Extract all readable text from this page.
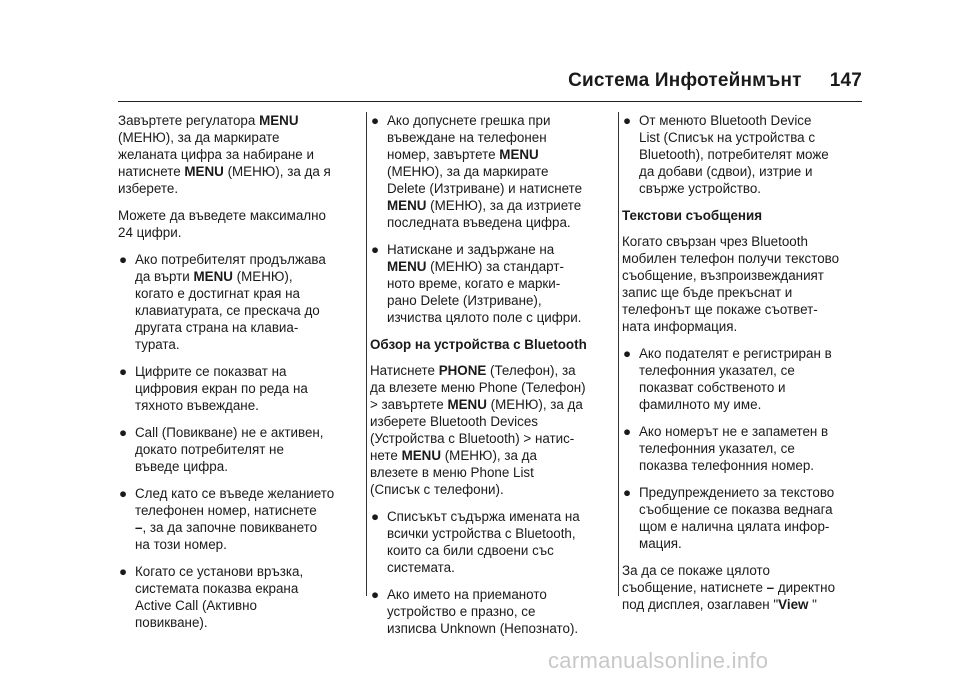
Система Инфотейнмънт 147

Завъртете регулатора MENU
(МЕНЮ), за да маркирате
желаната цифра за набиране и
натиснете MENU (МЕНЮ), за да я
изберете.

Можете да въведете максимално
24 цифри.

● Ако потребителят продължава
да върти MENU (МЕНЮ),
когато е достигнат края на
клавиатурата, се прескача до
другата страна на клавиа-
турата.
● Цифрите се показват на
цифровия екран по реда на
тяхното въвеждане.
● Call (Повикване) не е активен,
докато потребителят не
въведе цифра.
● След като се въведе желанието
телефонен номер, натиснете
–, за да започне повикването
на този номер.
● Когато се установи връзка,
системата показва екрана
Active Call (Активно
повикване).
● Ако допуснете грешка при
въвеждане на телефонен
номер, завъртете MENU
(МЕНЮ), за да маркирате
Delete (Изтриване) и натиснете
MENU (МЕНЮ), за да изтриете
последната въведена цифра.
● Натискане и задържане на
MENU (МЕНЮ) за стандарт-
ното време, когато е марки-
рано Delete (Изтриване),
изчиства цялото поле с цифри.
Обзор на устройства с Bluetooth

Натиснете PHONE (Телефон), за
да влезете меню Phone (Телефон)
> завъртете MENU (МЕНЮ), за да
изберете Bluetooth Devices
(Устройства с Bluetooth) > натис-
нете MENU (МЕНЮ), за да
влезете в меню Phone List
(Списък с телефони).

● Списъкът съдържа имената на
всички устройства с Bluetooth,
които са били сдвоени със
системата.
● Ако името на приеманото
устройство е празно, се
изписва Unknown (Непознато).
● От менюто Bluetooth Device
List (Списък на устройства с
Bluetooth), потребителят може
да добави (сдвои), изтрие и
свърже устройство.
Текстови съобщения

Когато свързан чрез Bluetooth
мобилен телефон получи текстово
съобщение, възпроизвежданият
запис ще бъде прекъснат и
телефонът ще покаже съответ-
ната информация.

● Ако подателят е регистриран в
телефонния указател, се
показват собственото и
фамилното му име.
● Ако номерът не е запаметен в
телефонния указател, се
показва телефонния номер.
● Предупреждението за текстово
съобщение се показва веднага
щом е налична цялата инфор-
мация.

За да се покаже цялото
съобщение, натиснете – директно
под дисплея, озаглавен "View "

carmanualsonline.info
